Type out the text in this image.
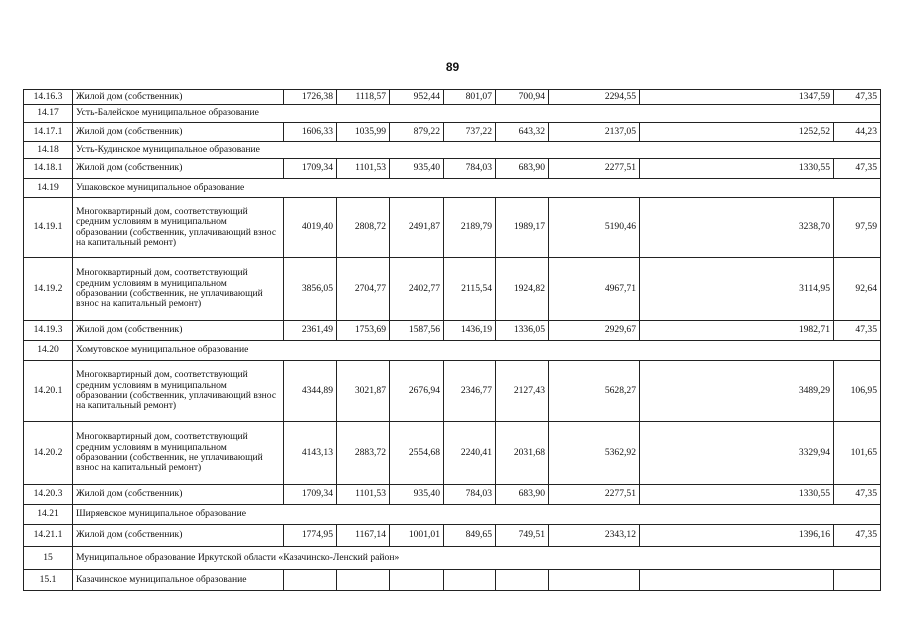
89
14.16.3	Жилой дом (собственник)	1726,38	1118,57	952,44	801,07	700,94	2294,55	1347,59	47,35
14.17	Усть-Балейское муниципальное образование								
14.17.1	Жилой дом (собственник)	1606,33	1035,99	879,22	737,22	643,32	2137,05	1252,52	44,23
14.18	Усть-Кудинское муниципальное образование								
14.18.1	Жилой дом (собственник)	1709,34	1101,53	935,40	784,03	683,90	2277,51	1330,55	47,35
14.19	Ушаковское муниципальное образование								
14.19.1	Многоквартирный дом, соответствующий средним условиям в муниципальном образовании (собственник, уплачивающий взнос на капитальный ремонт)	4019,40	2808,72	2491,87	2189,79	1989,17	5190,46	3238,70	97,59
14.19.2	Многоквартирный дом, соответствующий средним условиям в муниципальном образовании (собственник, не уплачивающий взнос на капитальный ремонт)	3856,05	2704,77	2402,77	2115,54	1924,82	4967,71	3114,95	92,64
14.19.3	Жилой дом (собственник)	2361,49	1753,69	1587,56	1436,19	1336,05	2929,67	1982,71	47,35
14.20	Хомутовское муниципальное образование								
14.20.1	Многоквартирный дом, соответствующий средним условиям в муниципальном образовании (собственник, уплачивающий взнос на капитальный ремонт)	4344,89	3021,87	2676,94	2346,77	2127,43	5628,27	3489,29	106,95
14.20.2	Многоквартирный дом, соответствующий средним условиям в муниципальном образовании (собственник, не уплачивающий взнос на капитальный ремонт)	4143,13	2883,72	2554,68	2240,41	2031,68	5362,92	3329,94	101,65
14.20.3	Жилой дом (собственник)	1709,34	1101,53	935,40	784,03	683,90	2277,51	1330,55	47,35
14.21	Ширяевское муниципальное образование								
14.21.1	Жилой дом (собственник)	1774,95	1167,14	1001,01	849,65	749,51	2343,12	1396,16	47,35
15	Муниципальное образование Иркутской области «Казачинско-Ленский район»								
15.1	Казачинское муниципальное образование								
